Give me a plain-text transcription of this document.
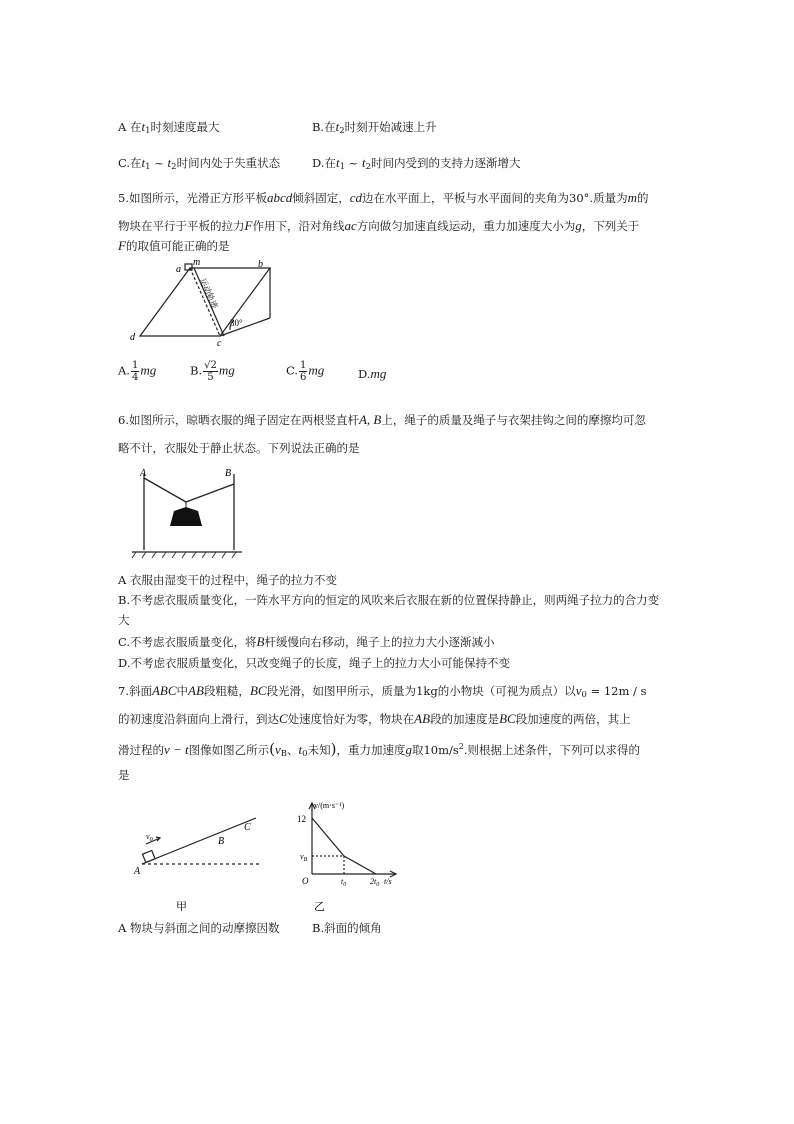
A 在$t_1$时刻速度最大	B.在$t_2$时刻开始减速上升
C.在$t_1$ ~ $t_2$时间内处于失重状态	D.在$t_1$ ~ $t_2$时间内受到的支持力逐渐增大
5.如图所示，光滑正方形平板abcd倾斜固定，cd边在水平面上，平板与水平面间的夹角为30°.质量为m的
物块在平行于平板的拉力F作用下，沿对角线ac方向做匀加速直线运动，重力加速度大小为g，下列关于
F的取值可能正确的是
a
m	b
c
d
30°
运动轨迹
A. $\frac{1}{4}$ mg	B. $\frac{√2}{5}$ mg	C. $\frac{1}{6}$ mg	D.mg
6.如图所示，晾晒衣服的绳子固定在两根竖直杆A, B上，绳子的质量及绳子与衣架挂钩之间的摩擦均可忽
略不计，衣服处于静止状态。下列说法正确的是
A	B
A 衣服由湿变干的过程中，绳子的拉力不变
B.不考虑衣服质量变化，一阵水平方向的恒定的风吹来后衣服在新的位置保持静止，则两绳子拉力的合力变
大
C.不考虑衣服质量变化，将B杆缓慢向右移动，绳子上的拉力大小逐渐减小
D.不考虑衣服质量变化，只改变绳子的长度，绳子上的拉力大小可能保持不变
7.斜面ABC中AB段粗糙，BC段光滑，如图甲所示，质量为1kg的小物块（可视为质点）以$v_0 = 12m / s$
的初速度沿斜面向上滑行，到达C处速度恰好为零，物块在AB段的加速度是BC段加速度的两倍，其上
滑过程的v − t图像如图乙所示($v_B$、$t_0$未知)，重力加速度g取$10m/s^2$.则根据上述条件，下列可以求得的
是
A
B
C
$v_0$
甲
v/(m·s⁻¹)
12
$v_B$
O	$t_0$	$2t_0$ t/s
乙
A 物块与斜面之间的动摩擦因数	B.斜面的倾角
